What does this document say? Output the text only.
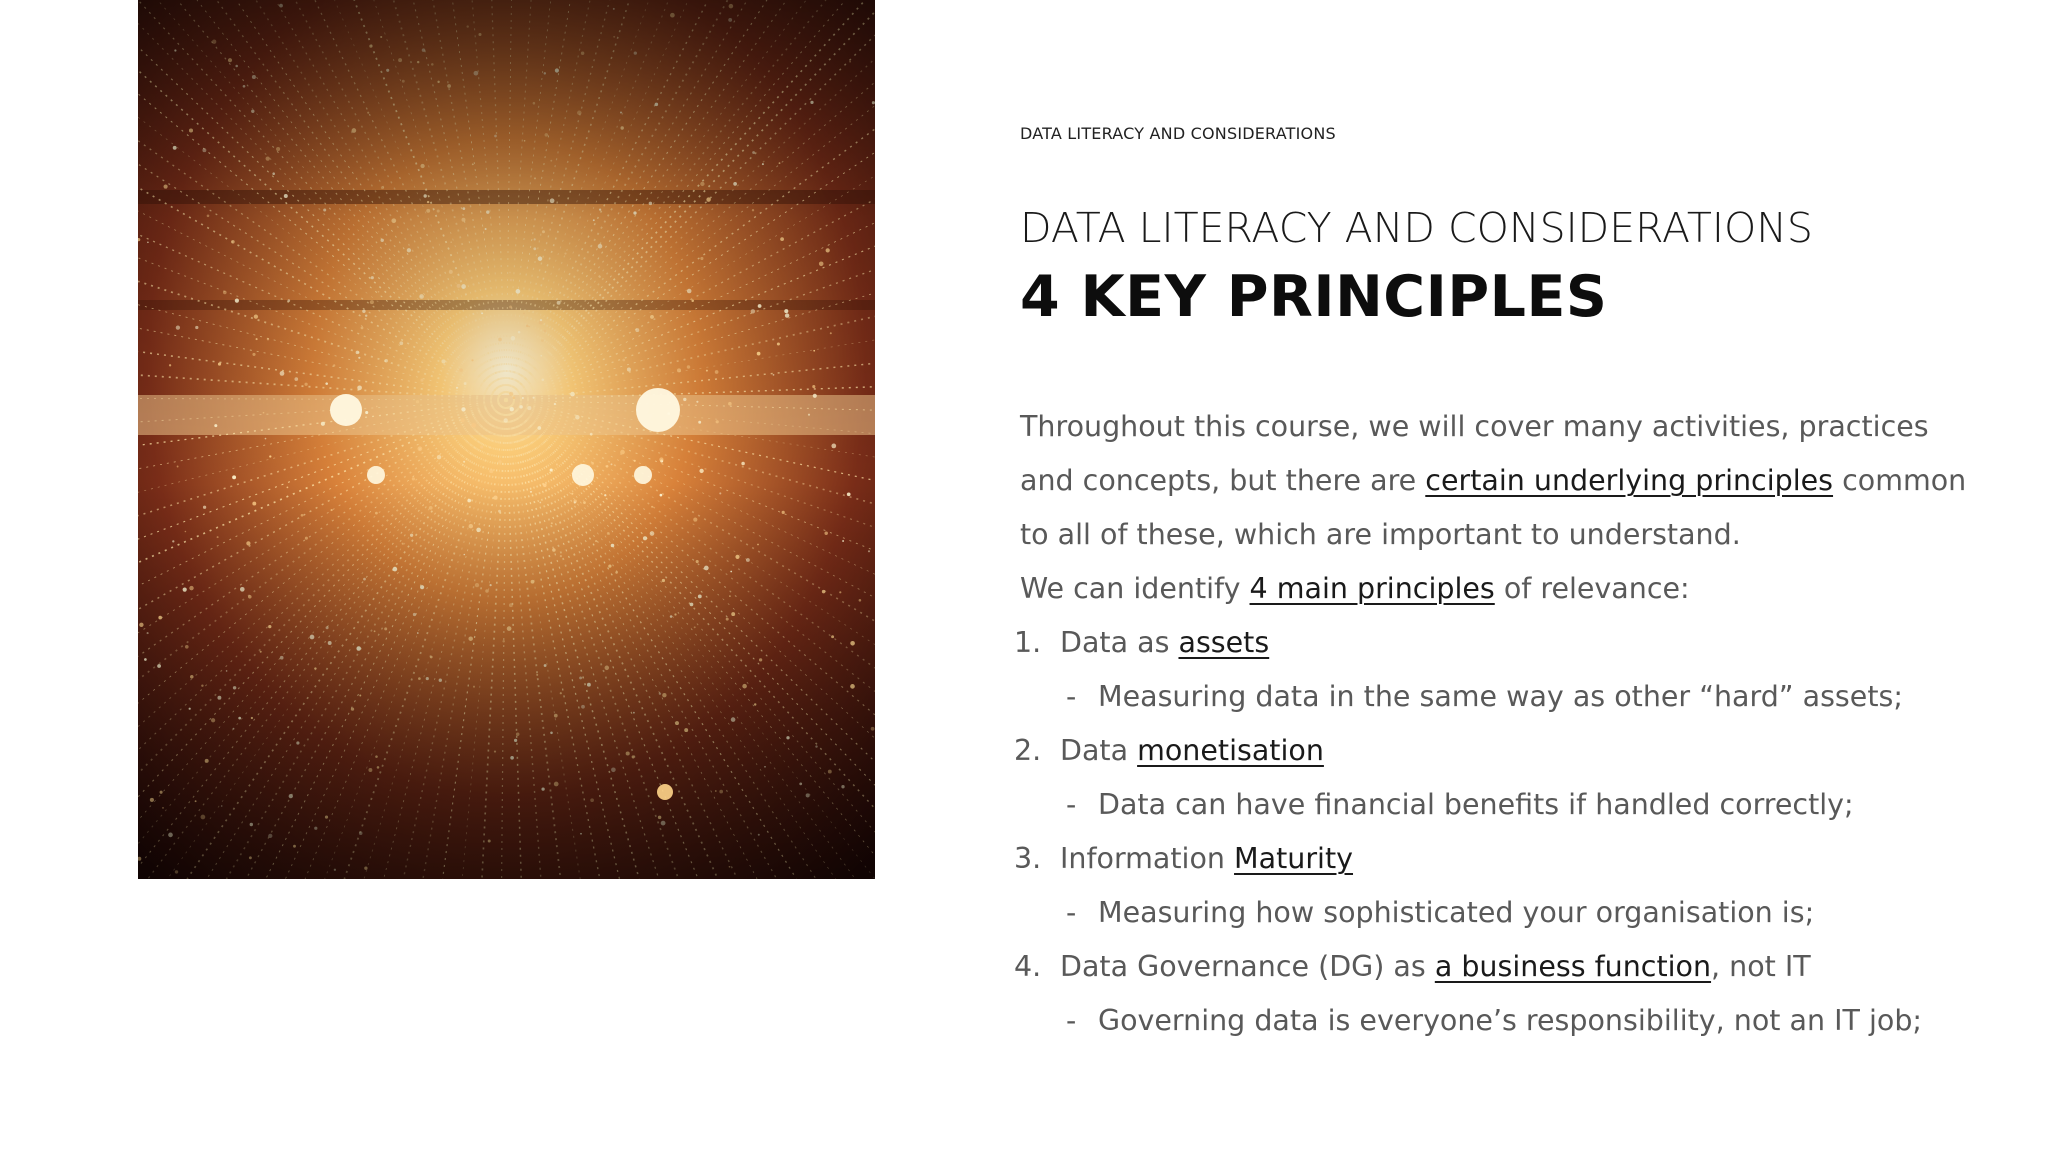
DATA LITERACY AND CONSIDERATIONS
DATA LITERACY AND CONSIDERATIONS
4 KEY PRINCIPLES

Throughout this course, we will cover many activities, practices and concepts, but there are certain underlying principles common to all of these, which are important to understand.

We can identify 4 main principles of relevance:

1. Data as assets
- Measuring data in the same way as other “hard” assets;
2. Data monetisation
- Data can have financial benefits if handled correctly;
3. Information Maturity
- Measuring how sophisticated your organisation is;
4. Data Governance (DG) as a business function, not IT
- Governing data is everyone’s responsibility, not an IT job;
